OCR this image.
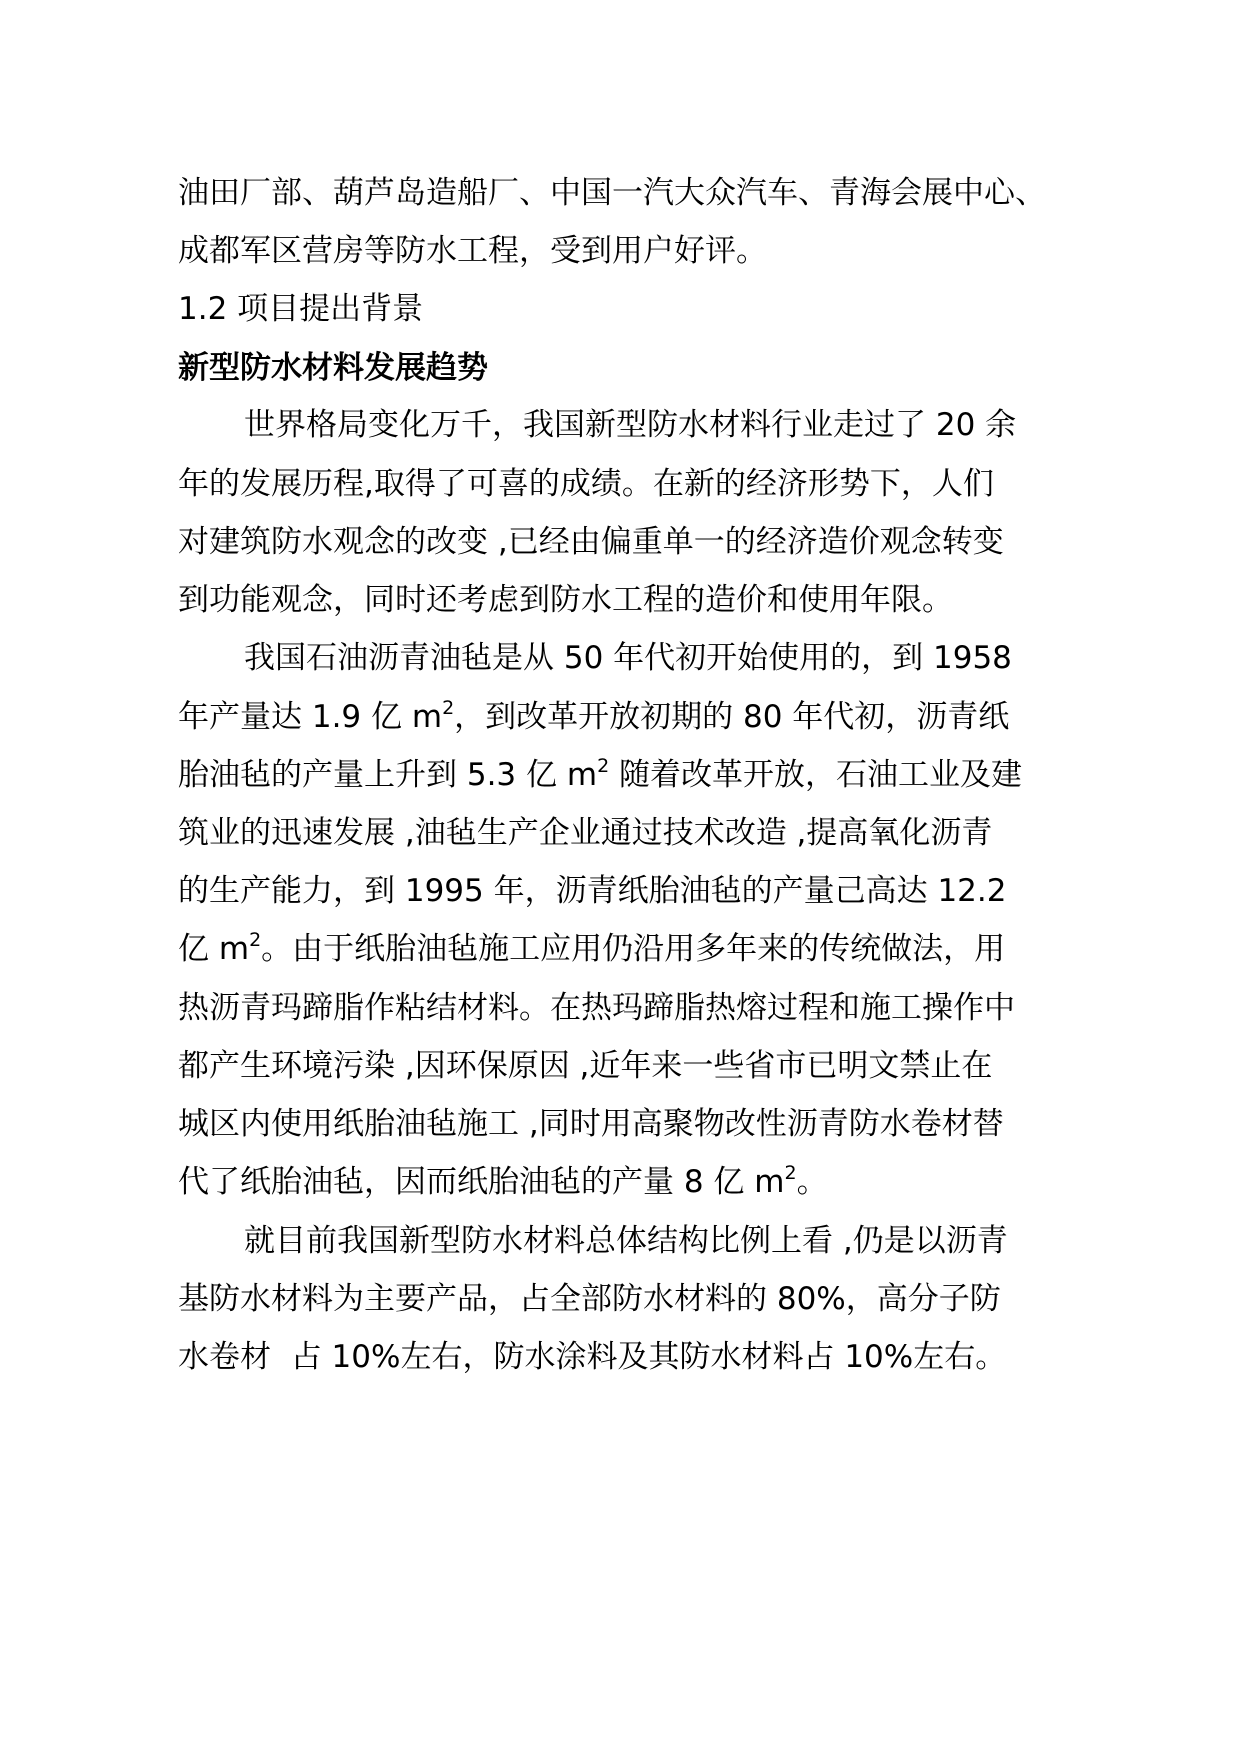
油田厂部、葫芦岛造船厂、中国一汽大众汽车、青海会展中心、
成都军区营房等防水工程，受到用户好评。
1.2 项目提出背景
新型防水材料发展趋势
世界格局变化万千，我国新型防水材料行业走过了 20 余
年的发展历程,取得了可喜的成绩。在新的经济形势下，人们
对建筑防水观念的改变 ,已经由偏重单一的经济造价观念转变
到功能观念，同时还考虑到防水工程的造价和使用年限。
我国石油沥青油毡是从 50 年代初开始使用的，到 1958
年产量达 1.9 亿 $m^2$，到改革开放初期的 80 年代初，沥青纸
胎油毡的产量上升到 5.3 亿 $m^2$ 随着改革开放，石油工业及建
筑业的迅速发展 ,油毡生产企业通过技术改造 ,提高氧化沥青
的生产能力，到 1995 年，沥青纸胎油毡的产量己高达 12.2
亿 $m^2$。由于纸胎油毡施工应用仍沿用多年来的传统做法，用
热沥青玛蹄脂作粘结材料。在热玛蹄脂热熔过程和施工操作中
都产生环境污染 ,因环保原因 ,近年来一些省市已明文禁止在
城区内使用纸胎油毡施工 ,同时用高聚物改性沥青防水卷材替
代了纸胎油毡，因而纸胎油毡的产量 8 亿 $m^2$。
就目前我国新型防水材料总体结构比例上看 ,仍是以沥青
基防水材料为主要产品，占全部防水材料的 80%，高分子防
水卷材  占 10%左右，防水涂料及其防水材料占 10%左右。
